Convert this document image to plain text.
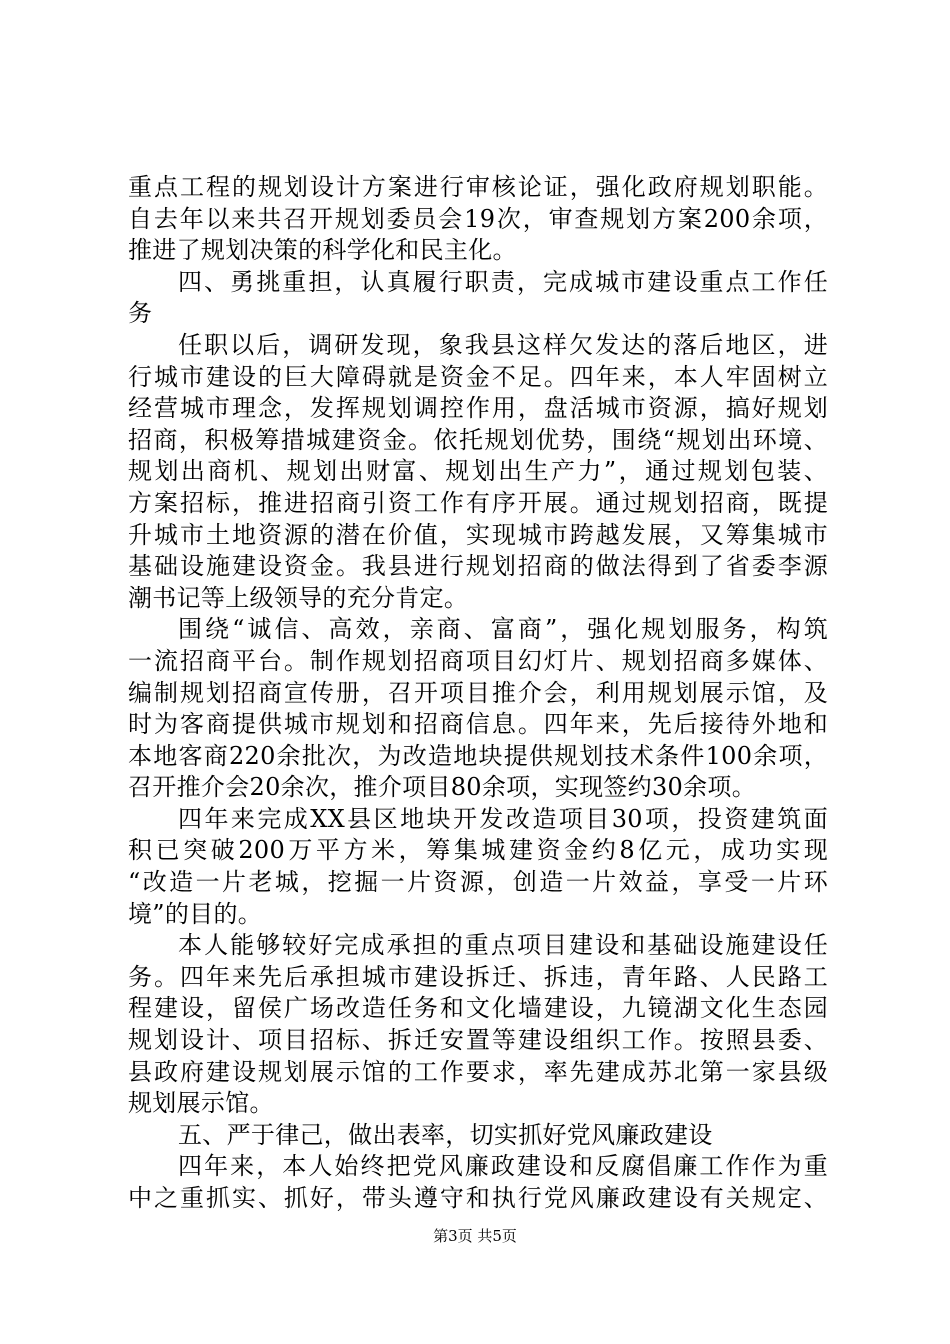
重点工程的规划设计方案进行审核论证，强化政府规划职能。
自去年以来共召开规划委员会19次，审查规划方案200余项，
推进了规划决策的科学化和民主化。
四、勇挑重担，认真履行职责，完成城市建设重点工作任
务
任职以后，调研发现，象我县这样欠发达的落后地区，进
行城市建设的巨大障碍就是资金不足。四年来，本人牢固树立
经营城市理念，发挥规划调控作用，盘活城市资源，搞好规划
招商，积极筹措城建资金。依托规划优势，围绕“规划出环境、
规划出商机、规划出财富、规划出生产力”，通过规划包装、
方案招标，推进招商引资工作有序开展。通过规划招商，既提
升城市土地资源的潜在价值，实现城市跨越发展，又筹集城市
基础设施建设资金。我县进行规划招商的做法得到了省委李源
潮书记等上级领导的充分肯定。
围绕“诚信、高效，亲商、富商”，强化规划服务，构筑
一流招商平台。制作规划招商项目幻灯片、规划招商多媒体、
编制规划招商宣传册，召开项目推介会，利用规划展示馆，及
时为客商提供城市规划和招商信息。四年来，先后接待外地和
本地客商220余批次，为改造地块提供规划技术条件100余项，
召开推介会20余次，推介项目80余项，实现签约30余项。
四年来完成XX县区地块开发改造项目30项，投资建筑面
积已突破200万平方米，筹集城建资金约8亿元，成功实现
“改造一片老城，挖掘一片资源，创造一片效益，享受一片环
境”的目的。
本人能够较好完成承担的重点项目建设和基础设施建设任
务。四年来先后承担城市建设拆迁、拆违，青年路、人民路工
程建设，留侯广场改造任务和文化墙建设，九镜湖文化生态园
规划设计、项目招标、拆迁安置等建设组织工作。按照县委、
县政府建设规划展示馆的工作要求，率先建成苏北第一家县级
规划展示馆。
五、严于律己，做出表率，切实抓好党风廉政建设
四年来，本人始终把党风廉政建设和反腐倡廉工作作为重
中之重抓实、抓好，带头遵守和执行党风廉政建设有关规定、
第3页 共5页
